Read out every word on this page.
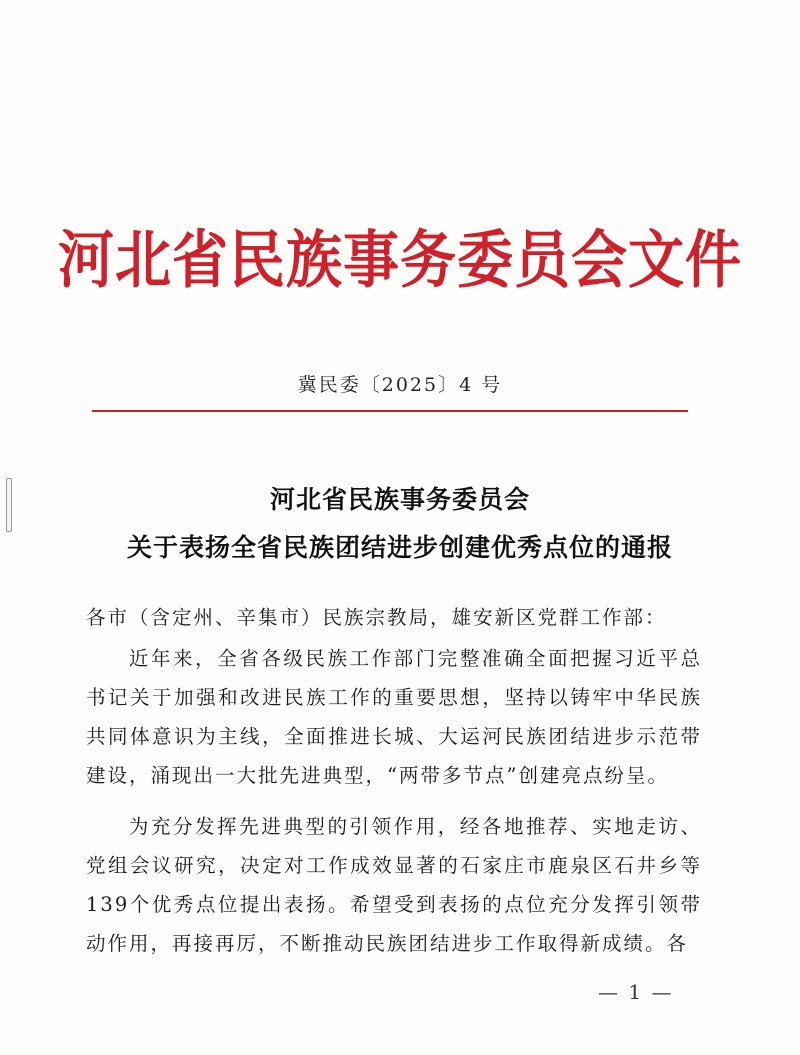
河北省民族事务委员会文件
冀民委〔2025〕4 号
河北省民族事务委员会
关于表扬全省民族团结进步创建优秀点位的通报

各市（含定州、辛集市）民族宗教局，雄安新区党群工作部：

近年来，全省各级民族工作部门完整准确全面把握习近平总书记关于加强和改进民族工作的重要思想，坚持以铸牢中华民族共同体意识为主线，全面推进长城、大运河民族团结进步示范带建设，涌现出一大批先进典型，“两带多节点”创建亮点纷呈。

为充分发挥先进典型的引领作用，经各地推荐、实地走访、党组会议研究，决定对工作成效显著的石家庄市鹿泉区石井乡等139个优秀点位提出表扬。希望受到表扬的点位充分发挥引领带动作用，再接再厉，不断推动民族团结进步工作取得新成绩。各

— 1 —
